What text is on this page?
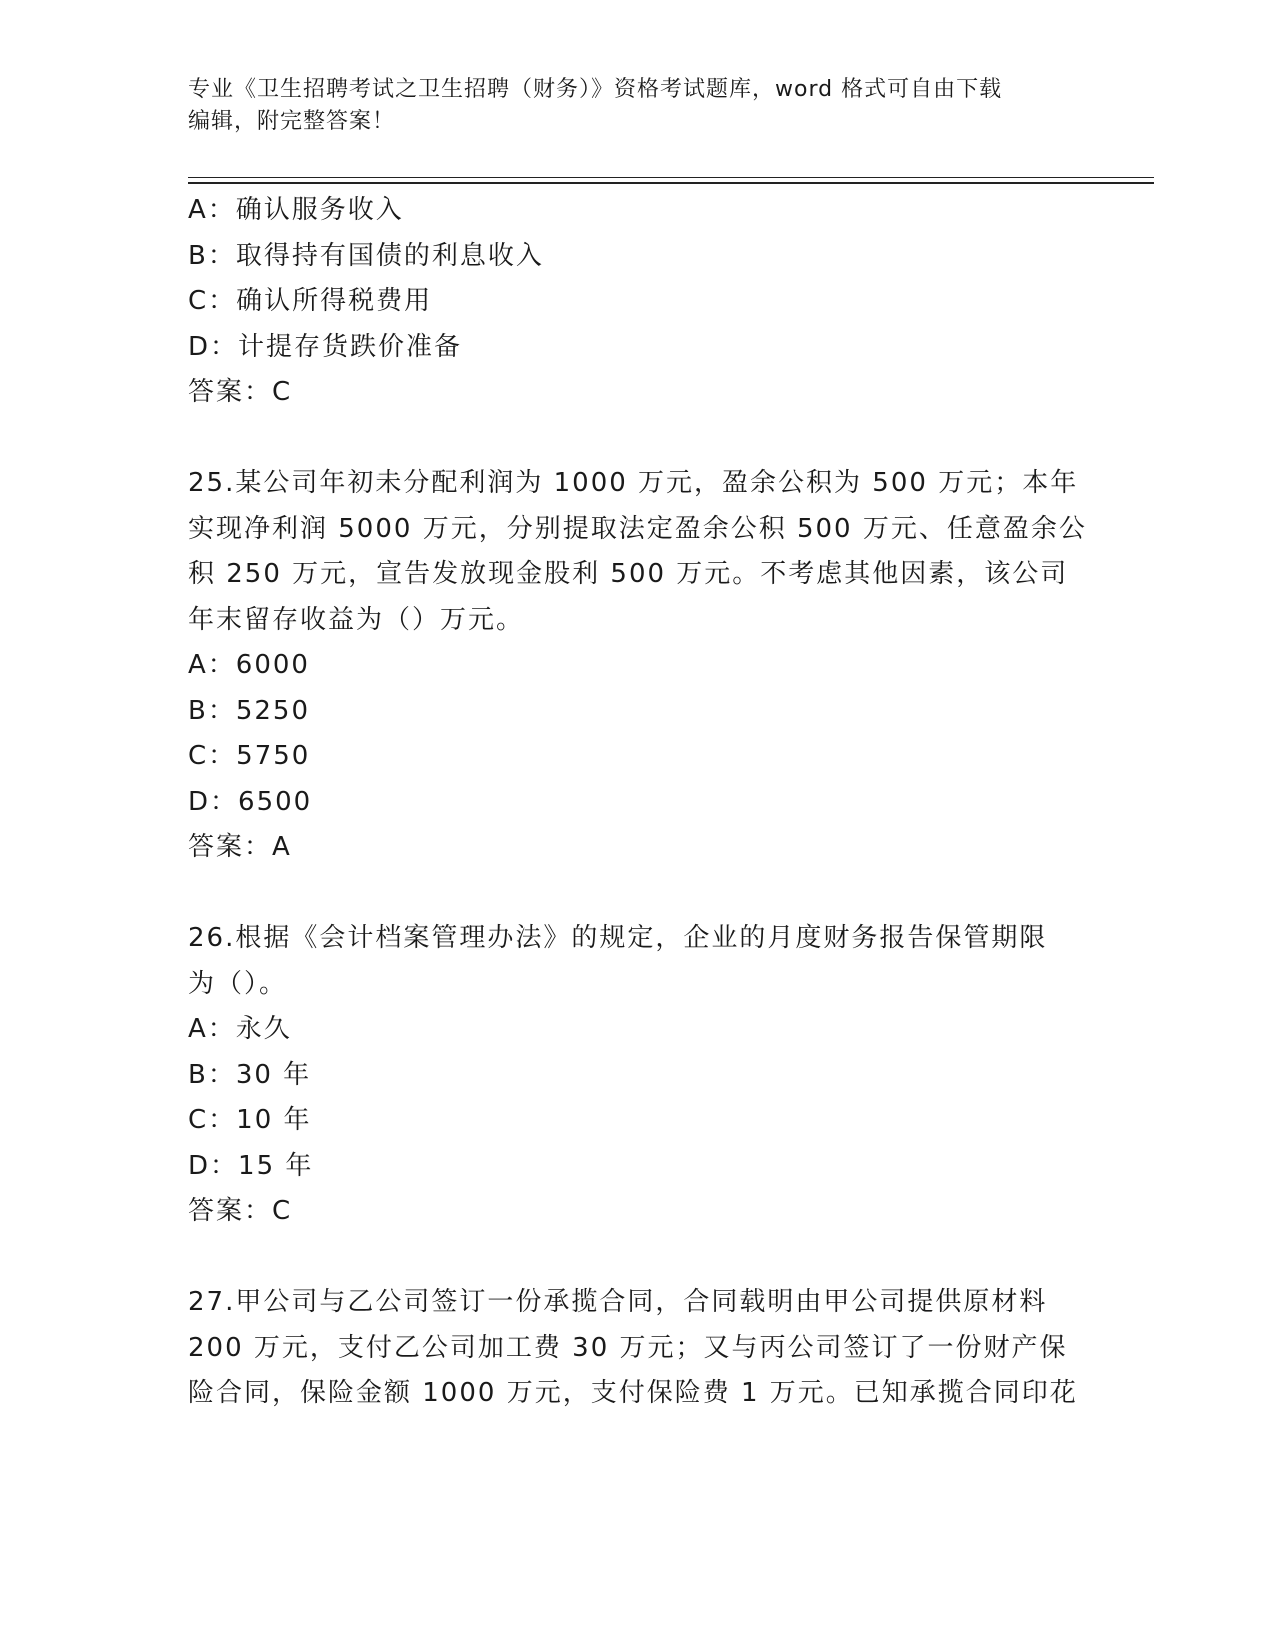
专业《卫生招聘考试之卫生招聘（财务）》资格考试题库，word 格式可自由下载
编辑，附完整答案！
A：确认服务收入
B：取得持有国债的利息收入
C：确认所得税费用
D：计提存货跌价准备
答案：C
25.某公司年初未分配利润为 1000 万元，盈余公积为 500 万元；本年
实现净利润 5000 万元，分别提取法定盈余公积 500 万元、任意盈余公
积 250 万元，宣告发放现金股利 500 万元。不考虑其他因素，该公司
年末留存收益为（）万元。
A：6000
B：5250
C：5750
D：6500
答案：A
26.根据《会计档案管理办法》的规定，企业的月度财务报告保管期限
为（）。
A：永久
B：30 年
C：10 年
D：15 年
答案：C
27.甲公司与乙公司签订一份承揽合同，合同载明由甲公司提供原材料
200 万元，支付乙公司加工费 30 万元；又与丙公司签订了一份财产保
险合同，保险金额 1000 万元，支付保险费 1 万元。已知承揽合同印花
